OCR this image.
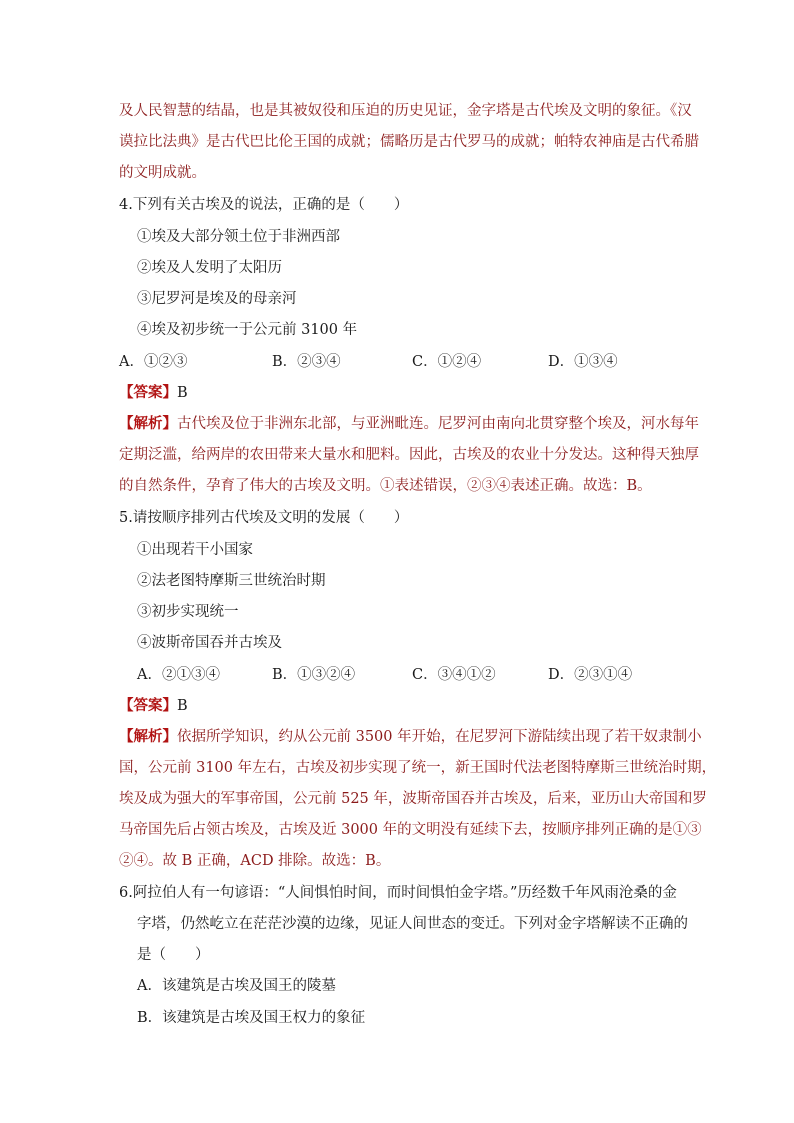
及人民智慧的结晶，也是其被奴役和压迫的历史见证，金字塔是古代埃及文明的象征。《汉
谟拉比法典》是古代巴比伦王国的成就；儒略历是古代罗马的成就；帕特农神庙是古代希腊
的文明成就。
4.下列有关古埃及的说法，正确的是（　　）
①埃及大部分领土位于非洲西部
②埃及人发明了太阳历
③尼罗河是埃及的母亲河
④埃及初步统一于公元前 3100 年
A．①②③	B．②③④	C．①②④	D．①③④
【答案】B
【解析】古代埃及位于非洲东北部，与亚洲毗连。尼罗河由南向北贯穿整个埃及，河水每年
定期泛滥，给两岸的农田带来大量水和肥料。因此，古埃及的农业十分发达。这种得天独厚
的自然条件，孕育了伟大的古埃及文明。①表述错误，②③④表述正确。故选：B。
5.请按顺序排列古代埃及文明的发展（　　）
①出现若干小国家
②法老图特摩斯三世统治时期
③初步实现统一
④波斯帝国吞并古埃及
A．②①③④	B．①③②④	C．③④①②	D．②③①④
【答案】B
【解析】依据所学知识，约从公元前 3500 年开始，在尼罗河下游陆续出现了若干奴隶制小
国，公元前 3100 年左右，古埃及初步实现了统一，新王国时代法老图特摩斯三世统治时期，
埃及成为强大的军事帝国，公元前 525 年，波斯帝国吞并古埃及，后来，亚历山大帝国和罗
马帝国先后占领古埃及，古埃及近 3000 年的文明没有延续下去，按顺序排列正确的是①③
②④。故 B 正确，ACD 排除。故选：B。
6.阿拉伯人有一句谚语：“人间惧怕时间，而时间惧怕金字塔。”历经数千年风雨沧桑的金
字塔，仍然屹立在茫茫沙漠的边缘，见证人间世态的变迁。下列对金字塔解读不正确的
是（　　）
A．该建筑是古埃及国王的陵墓
B．该建筑是古埃及国王权力的象征
